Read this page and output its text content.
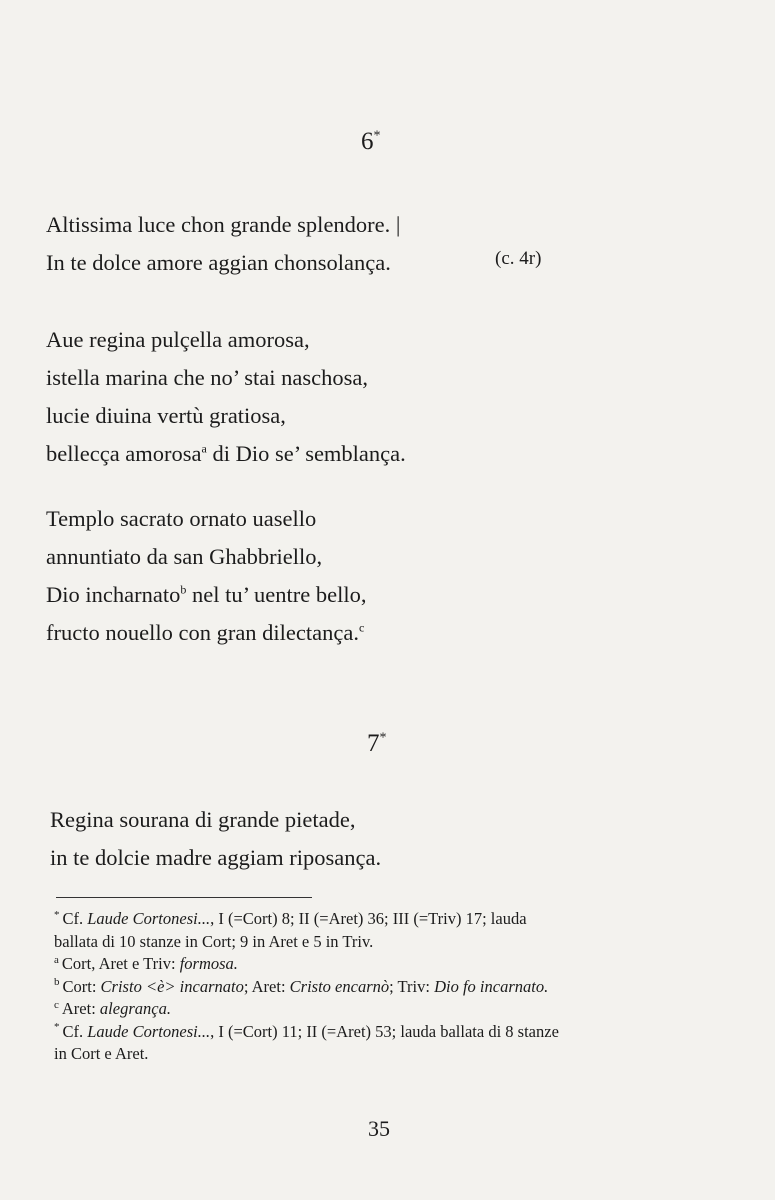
6*
Altissima luce chon grande splendore. |
In te dolce amore aggian chonsolança.	(c. 4r)
Aue regina pulçella amorosa,
istella marina che no’ stai naschosa,
lucie diuina vertù gratiosa,
bellecça amorosa$^a$ di Dio se’ semblança.
Templo sacrato ornato uasello
annuntiato da san Ghabbriello,
Dio incharnato$^b$ nel tu’ uentre bello,
fructo nouello con gran dilectança.$^c$
7*
Regina sourana di grande pietade,
in te dolcie madre aggiam riposança.
* Cf. Laude Cortonesi..., I (=Cort) 8; II (=Aret) 36; III (=Triv) 17; lauda
ballata di 10 stanze in Cort; 9 in Aret e 5 in Triv.
$^a$ Cort, Aret e Triv: formosa.
$^b$ Cort: Cristo <è> incarnato; Aret: Cristo encarnò; Triv: Dio fo incarnato.
$^c$ Aret: alegrança.
* Cf. Laude Cortonesi..., I (=Cort) 11; II (=Aret) 53; lauda ballata di 8 stanze
in Cort e Aret.
35
